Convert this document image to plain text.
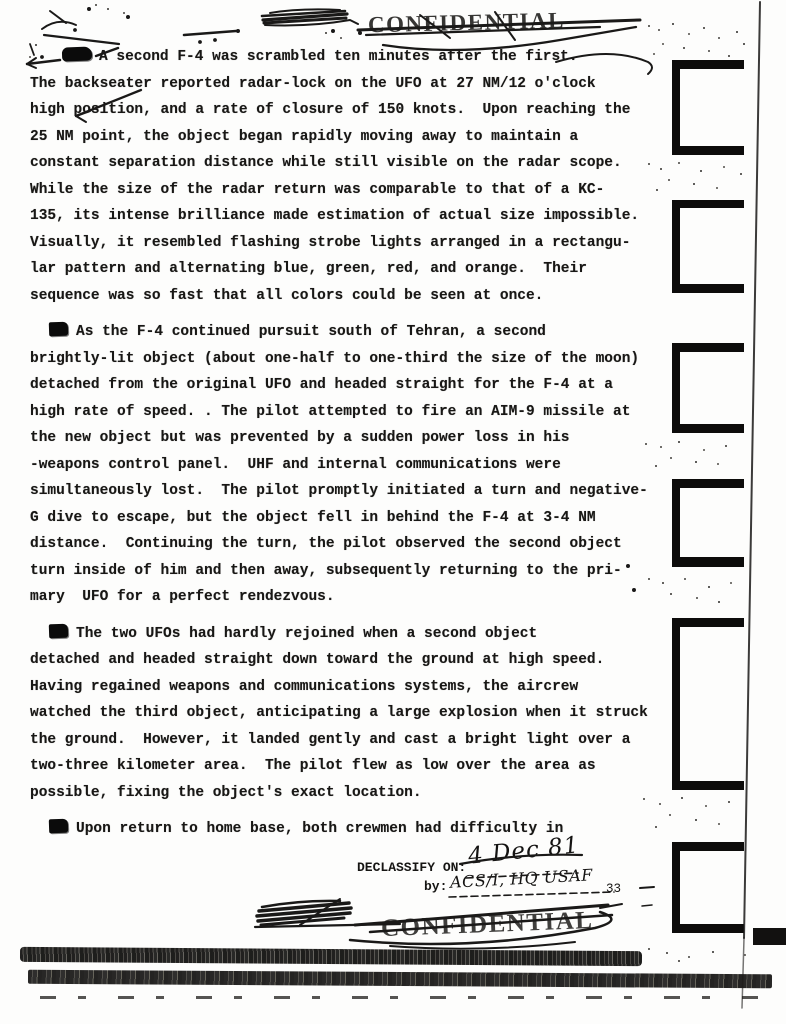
CONFIDENTIAL
A second F-4 was scrambled ten minutes after the first.
The backseater reported radar-lock on the UFO at 27 NM/12 o'clock
high position, and a rate of closure of 150 knots.  Upon reaching the
25 NM point, the object began rapidly moving away to maintain a
constant separation distance while still visible on the radar scope.
While the size of the radar return was comparable to that of a KC-
135, its intense brilliance made estimation of actual size impossible.
Visually, it resembled flashing strobe lights arranged in a rectangu-
lar pattern and alternating blue, green, red, and orange.  Their
sequence was so fast that all colors could be seen at once.
As the F-4 continued pursuit south of Tehran, a second
brightly-lit object (about one-half to one-third the size of the moon)
detached from the original UFO and headed straight for the F-4 at a
high rate of speed. . The pilot attempted to fire an AIM-9 missile at
the new object but was prevented by a sudden power loss in his
-weapons control panel.  UHF and internal communications were
simultaneously lost.  The pilot promptly initiated a turn and negative-
G dive to escape, but the object fell in behind the F-4 at 3-4 NM
distance.  Continuing the turn, the pilot observed the second object
turn inside of him and then away, subsequently returning to the pri-
mary  UFO for a perfect rendezvous.
The two UFOs had hardly rejoined when a second object
detached and headed straight down toward the ground at high speed.
Having regained weapons and communications systems, the aircrew
watched the third object, anticipating a large explosion when it struck
the ground.  However, it landed gently and cast a bright light over a
two-three kilometer area.  The pilot flew as low over the area as
possible, fixing the object's exact location.
Upon return to home base, both crewmen had difficulty in
DECLASSIFY ON: 4 Dec 81
by: ACS/I, HQ USAF 33
CONFIDENTIAL
